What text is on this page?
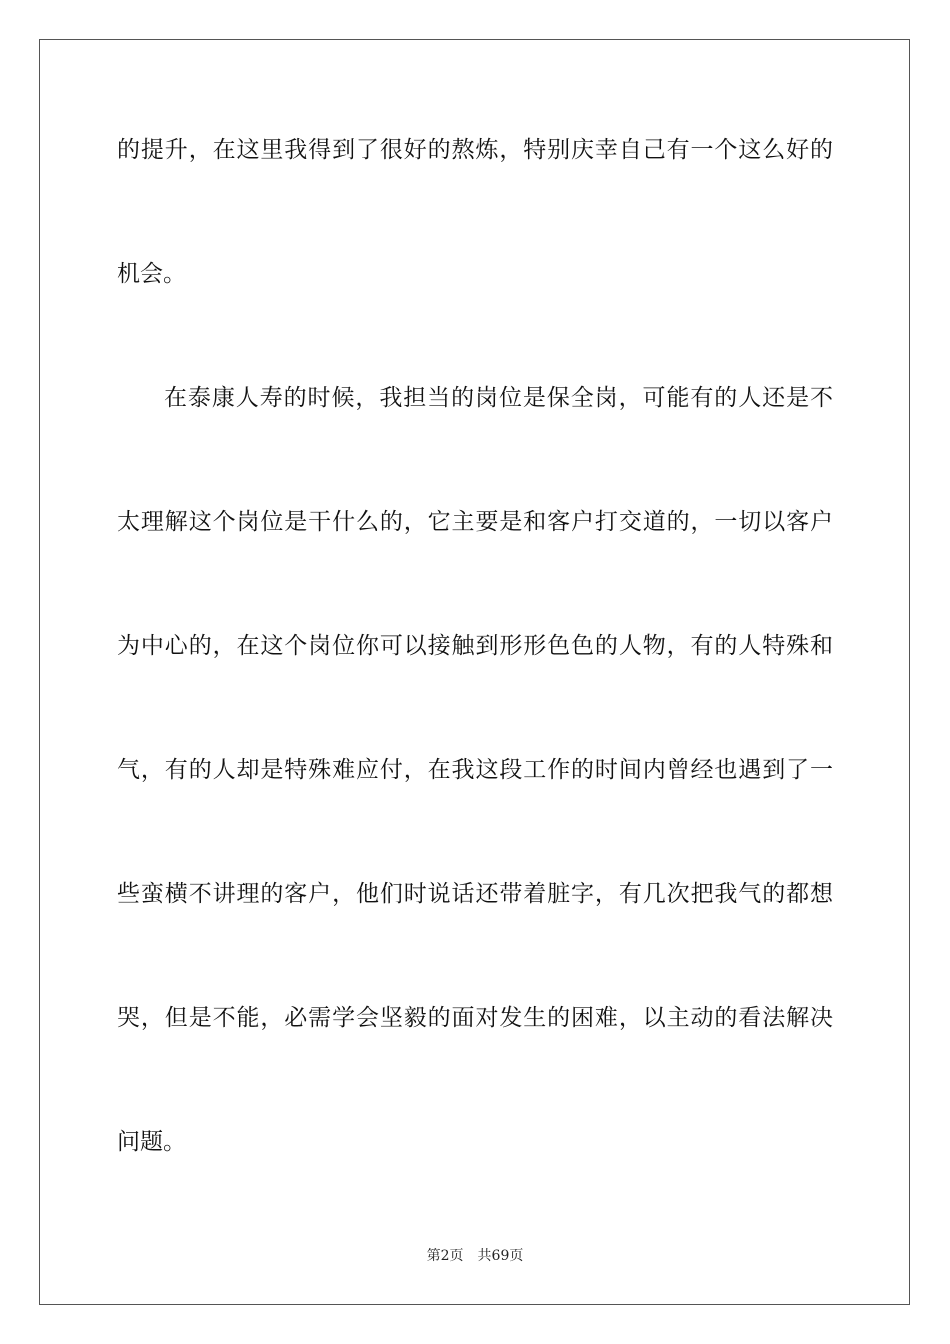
的提升，在这里我得到了很好的熬炼，特别庆幸自己有一个这么好的
机会。
在泰康人寿的时候，我担当的岗位是保全岗，可能有的人还是不
太理解这个岗位是干什么的，它主要是和客户打交道的，一切以客户
为中心的，在这个岗位你可以接触到形形色色的人物，有的人特殊和
气，有的人却是特殊难应付，在我这段工作的时间内曾经也遇到了一
些蛮横不讲理的客户，他们时说话还带着脏字，有几次把我气的都想
哭，但是不能，必需学会坚毅的面对发生的困难，以主动的看法解决
问题。
第2页 共69页
